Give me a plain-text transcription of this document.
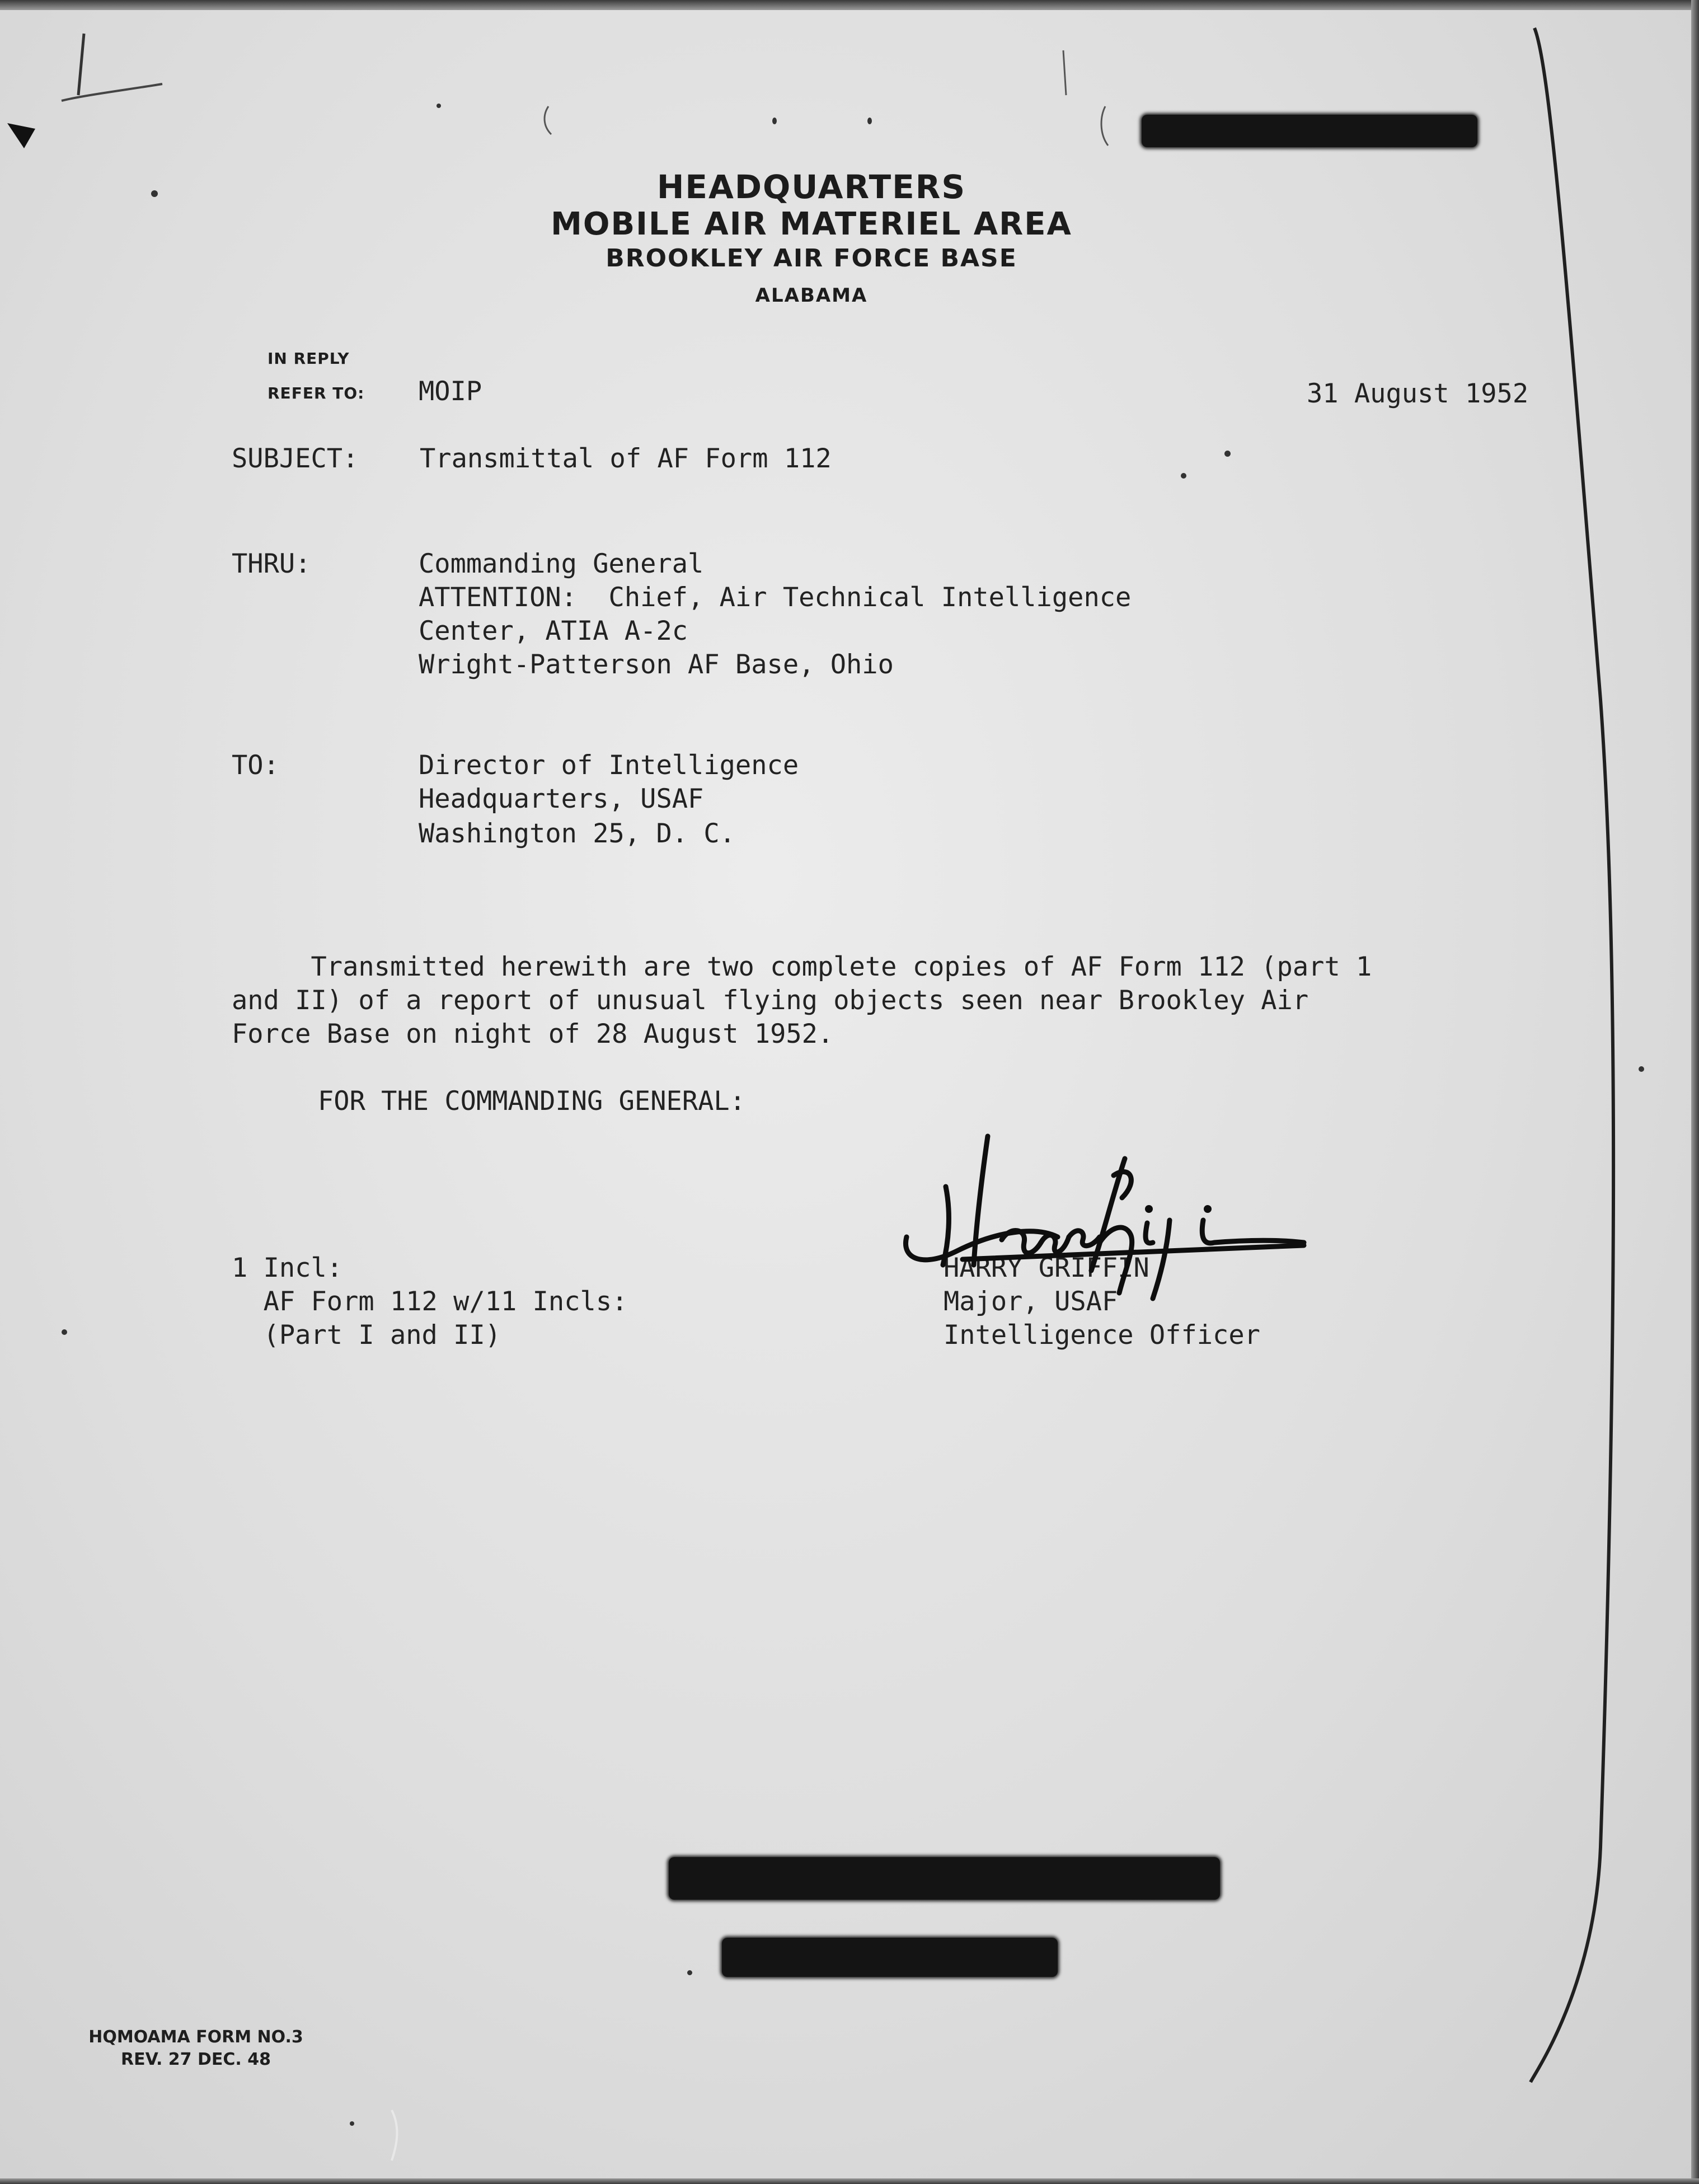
HEADQUARTERS
MOBILE AIR MATERIEL AREA
BROOKLEY AIR FORCE BASE
ALABAMA
IN REPLY
REFER TO: MOIP	31 August 1952
SUBJECT: Transmittal of AF Form 112
THRU:	Commanding General
ATTENTION:  Chief, Air Technical Intelligence
Center, ATIA A-2c
Wright-Patterson AF Base, Ohio
TO:	Director of Intelligence
Headquarters, USAF
Washington 25, D. C.
Transmitted herewith are two complete copies of AF Form 112 (part 1
and II) of a report of unusual flying objects seen near Brookley Air
Force Base on night of 28 August 1952.
FOR THE COMMANDING GENERAL:
1 Incl:
AF Form 112 w/11 Incls:
(Part I and II)
HARRY GRIFFIN
Major, USAF
Intelligence Officer
HQMOAMA FORM NO.3
REV. 27 DEC. 48
